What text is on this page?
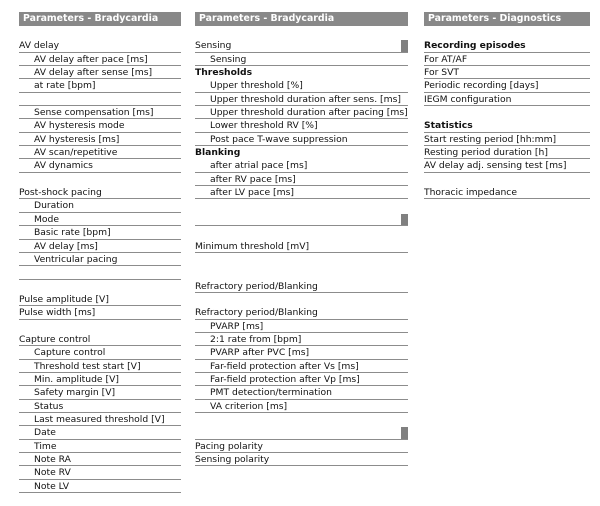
Parameters - Bradycardia
AV delay
AV delay after pace [ms]
AV delay after sense [ms]
at rate [bpm]
Sense compensation [ms]
AV hysteresis mode
AV hysteresis [ms]
AV scan/repetitive
AV dynamics
Post-shock pacing
Duration
Mode
Basic rate [bpm]
AV delay [ms]
Ventricular pacing
Pulse amplitude [V]
Pulse width [ms]
Capture control
Capture control
Threshold test start [V]
Min. amplitude [V]
Safety margin [V]
Status
Last measured threshold [V]
Date
Time
Note RA
Note RV
Note LV
Parameters - Bradycardia
Sensing
Sensing
Thresholds
Upper threshold [%]
Upper threshold duration after sens. [ms]
Upper threshold duration after pacing [ms]
Lower threshold RV [%]
Post pace T-wave suppression
Blanking
after atrial pace [ms]
after RV pace [ms]
after LV pace [ms]
Minimum threshold [mV]
Refractory period/Blanking
Refractory period/Blanking
PVARP [ms]
2:1 rate from [bpm]
PVARP after PVC [ms]
Far-field protection after Vs [ms]
Far-field protection after Vp [ms]
PMT detection/termination
VA criterion [ms]
Pacing polarity
Sensing polarity
Parameters - Diagnostics
Recording episodes
For AT/AF
For SVT
Periodic recording [days]
IEGM configuration
Statistics
Start resting period [hh:mm]
Resting period duration [h]
AV delay adj. sensing test [ms]
Thoracic impedance
